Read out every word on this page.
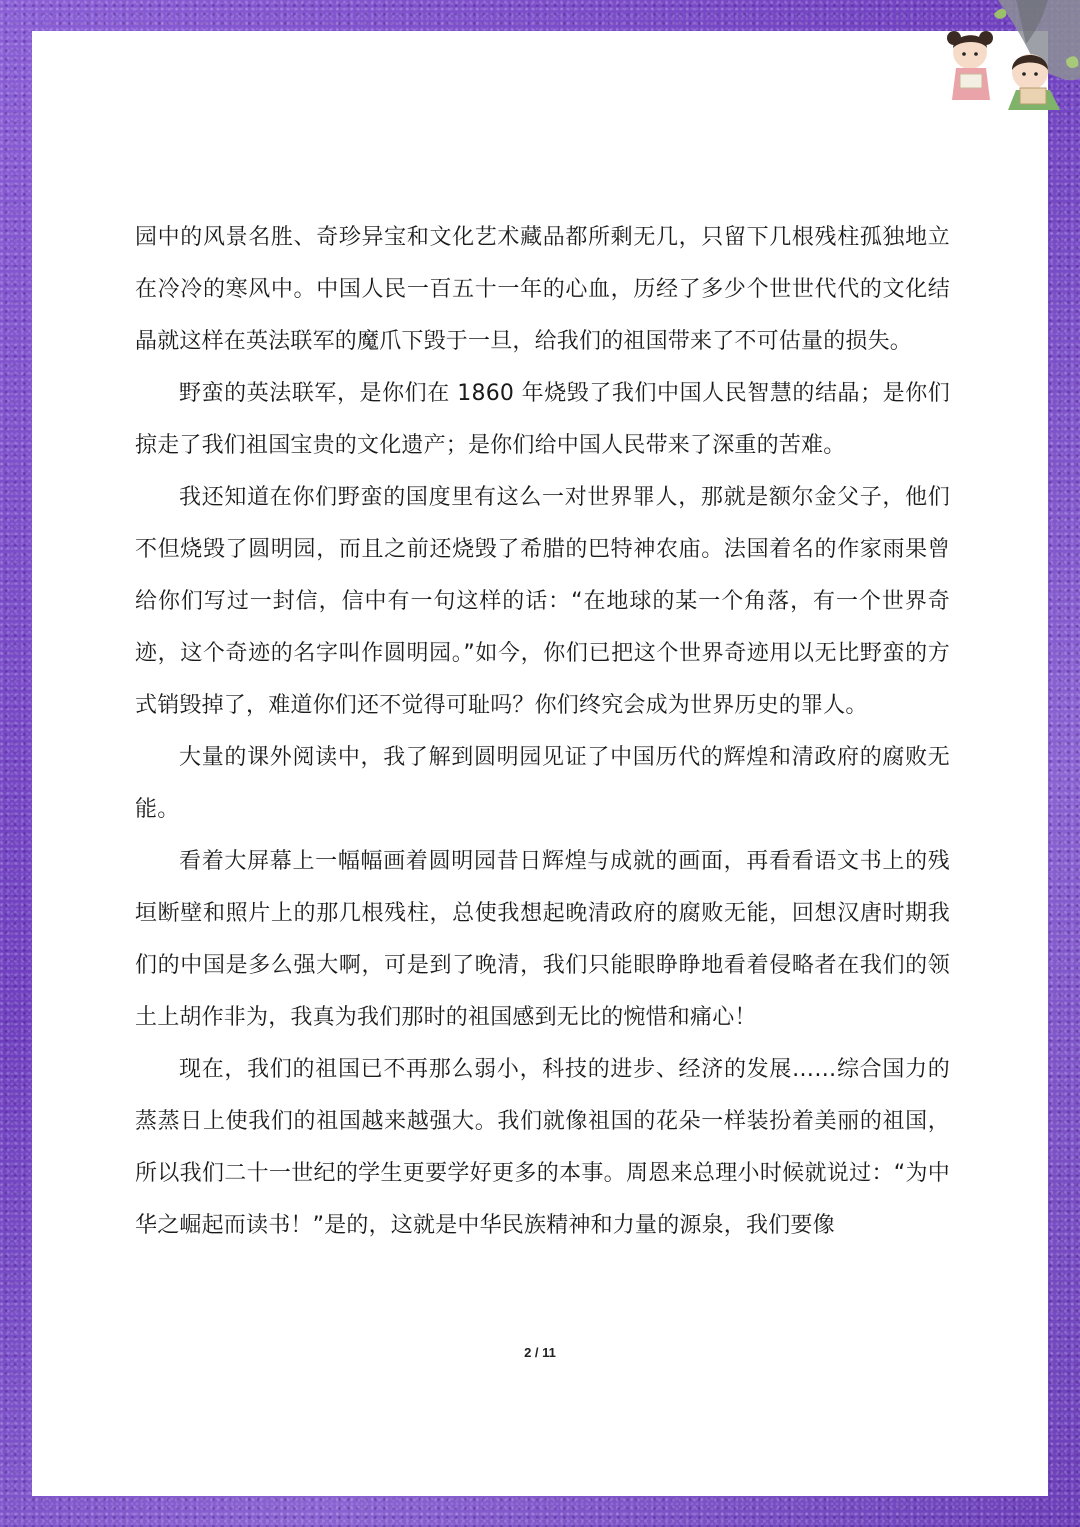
园中的风景名胜、奇珍异宝和文化艺术藏品都所剩无几，只留下几根残柱孤独地立在冷冷的寒风中。中国人民一百五十一年的心血，历经了多少个世世代代的文化结晶就这样在英法联军的魔爪下毁于一旦，给我们的祖国带来了不可估量的损失。

野蛮的英法联军，是你们在 1860 年烧毁了我们中国人民智慧的结晶；是你们掠走了我们祖国宝贵的文化遗产；是你们给中国人民带来了深重的苦难。

我还知道在你们野蛮的国度里有这么一对世界罪人，那就是额尔金父子，他们不但烧毁了圆明园，而且之前还烧毁了希腊的巴特神农庙。法国着名的作家雨果曾给你们写过一封信，信中有一句这样的话：“在地球的某一个角落，有一个世界奇迹，这个奇迹的名字叫作圆明园。”如今，你们已把这个世界奇迹用以无比野蛮的方式销毁掉了，难道你们还不觉得可耻吗？你们终究会成为世界历史的罪人。

大量的课外阅读中，我了解到圆明园见证了中国历代的辉煌和清政府的腐败无能。

看着大屏幕上一幅幅画着圆明园昔日辉煌与成就的画面，再看看语文书上的残垣断壁和照片上的那几根残柱，总使我想起晚清政府的腐败无能，回想汉唐时期我们的中国是多么强大啊，可是到了晚清，我们只能眼睁睁地看着侵略者在我们的领土上胡作非为，我真为我们那时的祖国感到无比的惋惜和痛心！

现在，我们的祖国已不再那么弱小，科技的进步、经济的发展……综合国力的蒸蒸日上使我们的祖国越来越强大。我们就像祖国的花朵一样装扮着美丽的祖国，所以我们二十一世纪的学生更要学好更多的本事。周恩来总理小时候就说过：“为中华之崛起而读书！”是的，这就是中华民族精神和力量的源泉，我们要像

2 / 11
